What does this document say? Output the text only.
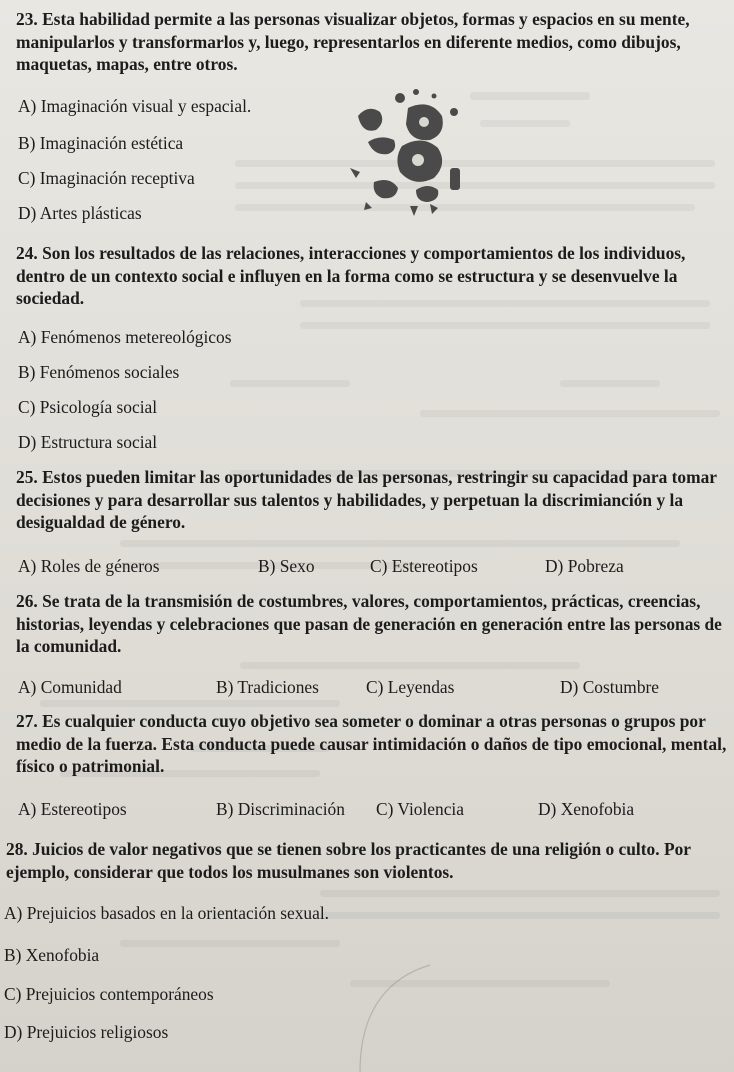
23. Esta habilidad permite a las personas visualizar objetos, formas y espacios en su mente, manipularlos y transformarlos y, luego, representarlos en diferente medios, como dibujos, maquetas, mapas, entre otros.

A) Imaginación visual y espacial.
B) Imaginación estética
C) Imaginación receptiva
D) Artes plásticas

24. Son los resultados de las relaciones, interacciones y comportamientos de los individuos, dentro de un contexto social e influyen en la forma como se estructura y se desenvuelve la sociedad.

A) Fenómenos metereológicos
B) Fenómenos sociales
C) Psicología social
D) Estructura social

25. Estos pueden limitar las oportunidades de las personas, restringir su capacidad para tomar decisiones y para desarrollar sus talentos y habilidades, y perpetuan la discrimianción y la desigualdad de género.

A) Roles de géneros	B) Sexo	C) Estereotipos	D) Pobreza

26. Se trata de la transmisión de costumbres, valores, comportamientos, prácticas, creencias, historias, leyendas y celebraciones que pasan de generación en generación entre las personas de la comunidad.

A) Comunidad	B) Tradiciones	C) Leyendas	D) Costumbre

27. Es cualquier conducta cuyo objetivo sea someter o dominar a otras personas o grupos por medio de la fuerza. Esta conducta puede causar intimidación o daños de tipo emocional, mental, físico o patrimonial.

A) Estereotipos	B) Discriminación C) Violencia	D) Xenofobia

28. Juicios de valor negativos que se tienen sobre los practicantes de una religión o culto. Por ejemplo, considerar que todos los musulmanes son violentos.

A) Prejuicios basados en la orientación sexual.
B) Xenofobia
C) Prejuicios contemporáneos
D) Prejuicios religiosos
